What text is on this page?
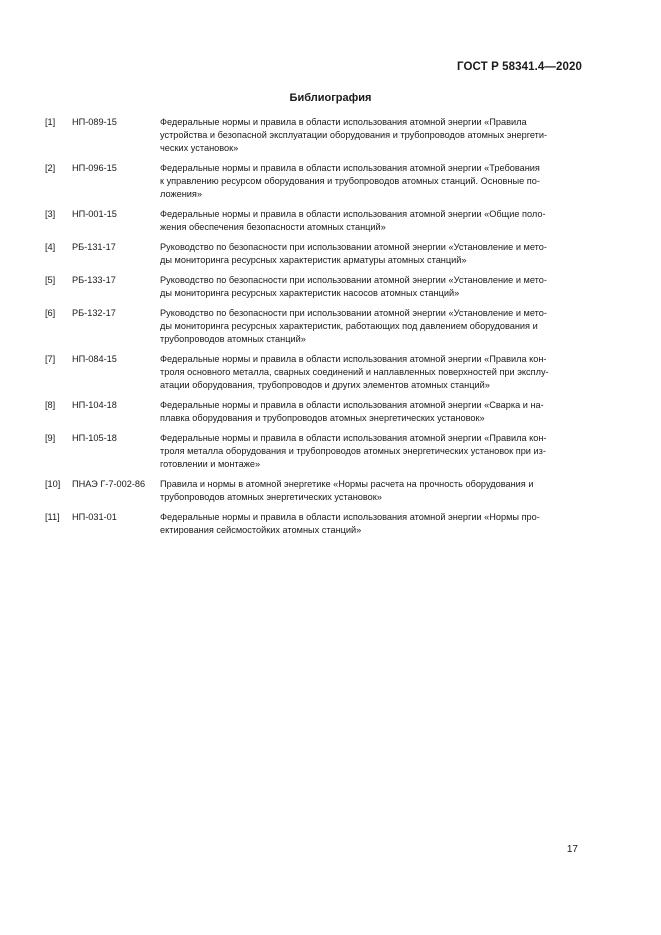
ГОСТ Р 58341.4—2020
Библиография
[1]	НП-089-15	Федеральные нормы и правила в области использования атомной энергии «Правила
устройства и безопасной эксплуатации оборудования и трубопроводов атомных энергети-
ческих установок»
[2]	НП-096-15	Федеральные нормы и правила в области использования атомной энергии «Требования
к управлению ресурсом оборудования и трубопроводов атомных станций. Основные по-
ложения»
[3]	НП-001-15	Федеральные нормы и правила в области использования атомной энергии «Общие поло-
жения обеспечения безопасности атомных станций»
[4]	РБ-131-17	Руководство по безопасности при использовании атомной энергии «Установление и мето-
ды мониторинга ресурсных характеристик арматуры атомных станций»
[5]	РБ-133-17	Руководство по безопасности при использовании атомной энергии «Установление и мето-
ды мониторинга ресурсных характеристик насосов атомных станций»
[6]	РБ-132-17	Руководство по безопасности при использовании атомной энергии «Установление и мето-
ды мониторинга ресурсных характеристик, работающих под давлением оборудования и
трубопроводов атомных станций»
[7]	НП-084-15	Федеральные нормы и правила в области использования атомной энергии «Правила кон-
троля основного металла, сварных соединений и наплавленных поверхностей при эксплу-
атации оборудования, трубопроводов и других элементов атомных станций»
[8]	НП-104-18	Федеральные нормы и правила в области использования атомной энергии «Сварка и на-
плавка оборудования и трубопроводов атомных энергетических установок»
[9]	НП-105-18	Федеральные нормы и правила в области использования атомной энергии «Правила кон-
троля металла оборудования и трубопроводов атомных энергетических установок при из-
готовлении и монтаже»
[10]	ПНАЭ Г-7-002-86	Правила и нормы в атомной энергетике «Нормы расчета на прочность оборудования и
трубопроводов атомных энергетических установок»
[11]	НП-031-01	Федеральные нормы и правила в области использования атомной энергии «Нормы про-
ектирования сейсмостойких атомных станций»
17
